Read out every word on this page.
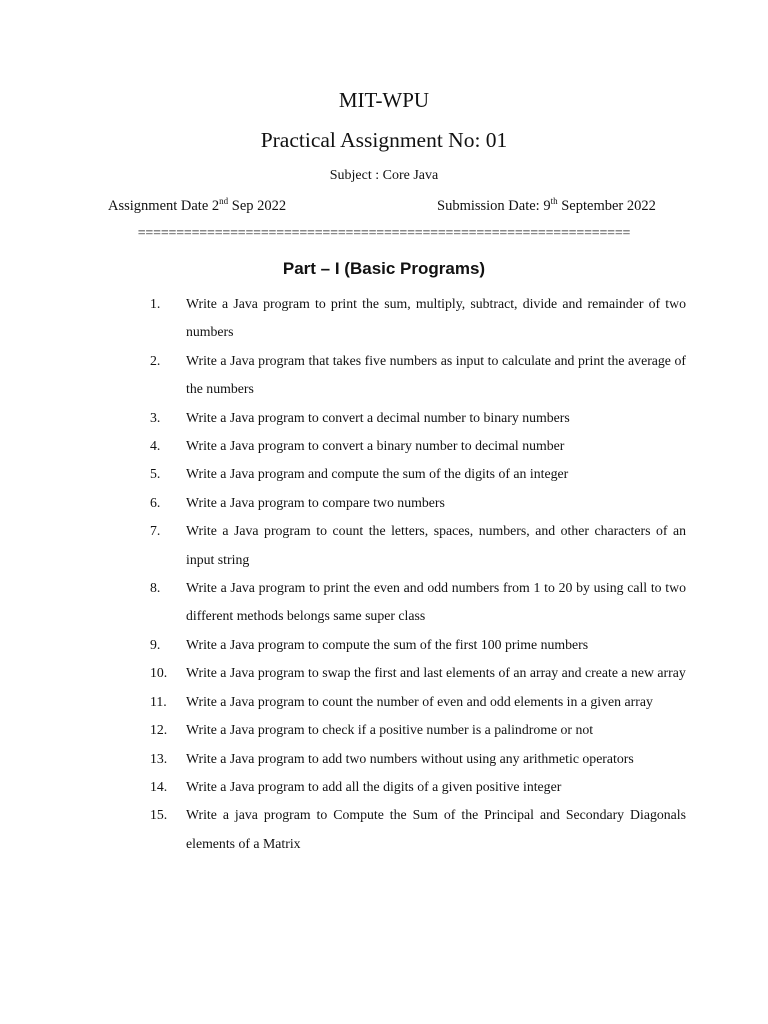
MIT-WPU
Practical Assignment No: 01
Subject : Core Java
Assignment Date 2nd Sep 2022	Submission Date: 9th September 2022
================================================================
Part – I (Basic Programs)
1.	Write a Java program to print the sum, multiply, subtract, divide and remainder of two numbers
2.	Write a Java program that takes five numbers as input to calculate and print the average of the numbers
3.	Write a Java program to convert a decimal number to binary numbers
4.	Write a Java program to convert a binary number to decimal number
5.	Write a Java program and compute the sum of the digits of an integer
6.	Write a Java program to compare two numbers
7.	Write a Java program to count the letters, spaces, numbers, and other characters of an input string
8.	Write a Java program to print the even and odd numbers from 1 to 20 by using call to two different methods belongs same super class
9.	Write a Java program to compute the sum of the first 100 prime numbers
10.	Write a Java program to swap the first and last elements of an array and create a new array
11.	Write a Java program to count the number of even and odd elements in a given array
12.	Write a Java program to check if a positive number is a palindrome or not
13.	Write a Java program to add two numbers without using any arithmetic operators
14.	Write a Java program to add all the digits of a given positive integer
15.	Write a java program to Compute the Sum of the Principal and Secondary Diagonals elements of a Matrix
